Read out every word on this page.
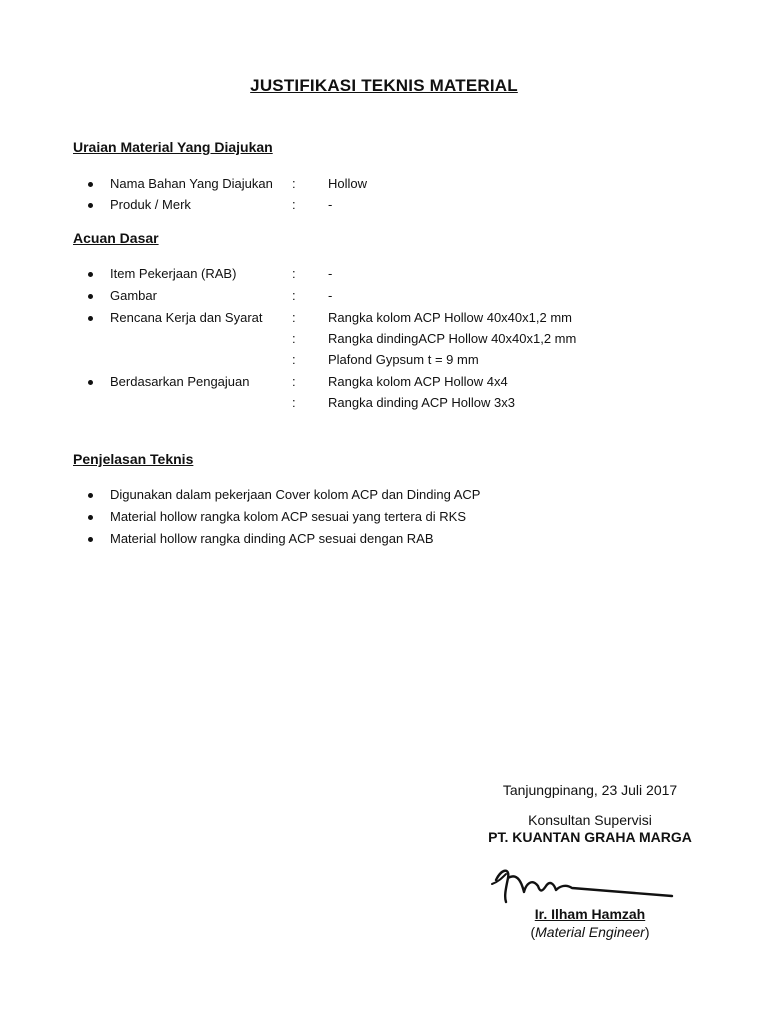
JUSTIFIKASI TEKNIS MATERIAL
Uraian Material Yang Diajukan
Nama Bahan Yang Diajukan : Hollow
Produk / Merk	: -
Acuan Dasar
Item Pekerjaan (RAB)	: -
Gambar	: -
Rencana Kerja dan Syarat : Rangka kolom ACP Hollow 40x40x1,2 mm
: Rangka dindingACP Hollow 40x40x1,2 mm
: Plafond Gypsum t = 9 mm
Berdasarkan Pengajuan	: Rangka kolom ACP Hollow 4x4
: Rangka dinding ACP Hollow 3x3
Penjelasan Teknis
Digunakan dalam pekerjaan Cover kolom ACP dan Dinding ACP
Material hollow rangka kolom ACP sesuai yang tertera di RKS
Material hollow rangka dinding ACP sesuai dengan RAB
Tanjungpinang, 23 Juli 2017
Konsultan Supervisi
PT. KUANTAN GRAHA MARGA
Ir. Ilham Hamzah
(Material Engineer)
